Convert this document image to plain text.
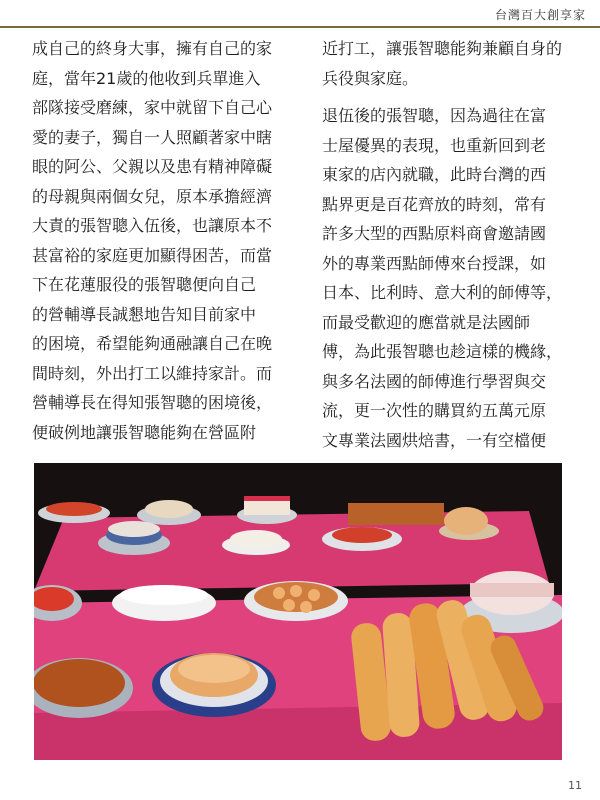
台灣百大創享家
成自己的終身大事，擁有自己的家
庭，當年21歲的他收到兵單進入
部隊接受磨練，家中就留下自己心
愛的妻子，獨自一人照顧著家中瞎
眼的阿公、父親以及患有精神障礙
的母親與兩個女兒，原本承擔經濟
大責的張智聰入伍後，也讓原本不
甚富裕的家庭更加顯得困苦，而當
下在花蓮服役的張智聰便向自己
的營輔導長誠懇地告知目前家中
的困境，希望能夠通融讓自己在晚
間時刻，外出打工以維持家計。而
營輔導長在得知張智聰的困境後，
便破例地讓張智聰能夠在營區附
近打工，讓張智聰能夠兼顧自身的
兵役與家庭。
退伍後的張智聰，因為過往在富
士屋優異的表現，也重新回到老
東家的店內就職，此時台灣的西
點界更是百花齊放的時刻，常有
許多大型的西點原料商會邀請國
外的專業西點師傅來台授課，如
日本、比利時、意大利的師傅等，
而最受歡迎的應當就是法國師
傅，為此張智聰也趁這樣的機緣，
與多名法國的師傅進行學習與交
流，更一次性的購買約五萬元原
文專業法國烘焙書，一有空檔便
11
